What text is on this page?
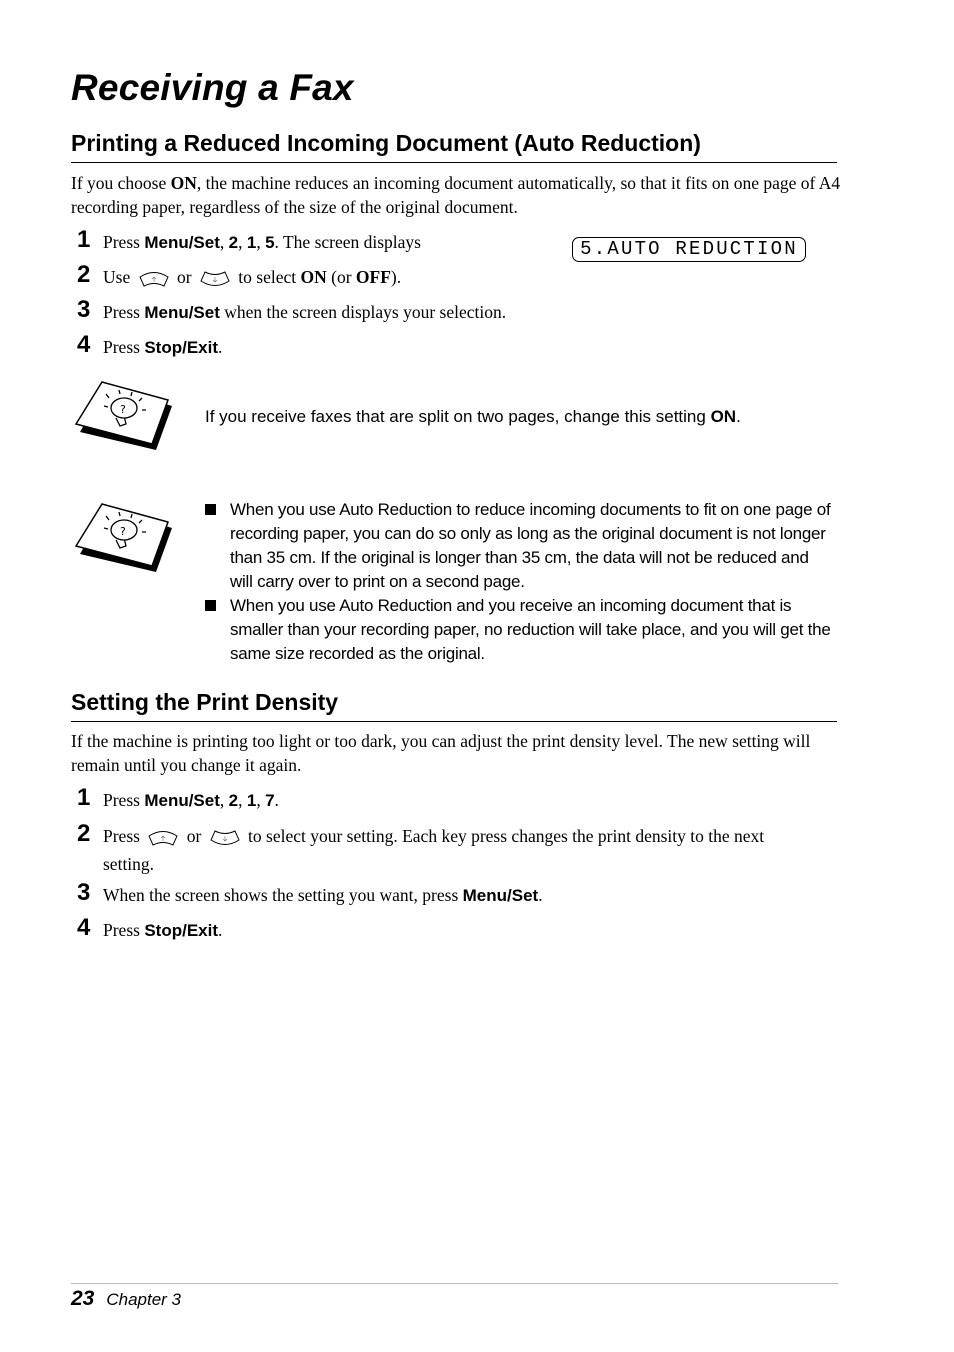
Receiving a Fax
Printing a Reduced Incoming Document (Auto Reduction)

If you choose ON, the machine reduces an incoming document automatically, so that it fits on one page of A4 recording paper, regardless of the size of the original document.

1 Press Menu/Set, 2, 1, 5. The screen displays	5.AUTO REDUCTION
2 Use  or  to select ON (or OFF).
3 Press Menu/Set when the screen displays your selection.
4 Press Stop/Exit.
?	If you receive faxes that are split on two pages, change this setting ON.
?
When you use Auto Reduction to reduce incoming documents to fit on one page of recording paper, you can do so only as long as the original document is not longer than 35 cm. If the original is longer than 35 cm, the data will not be reduced and will carry over to print on a second page.
When you use Auto Reduction and you receive an incoming document that is smaller than your recording paper, no reduction will take place, and you will get the same size recorded as the original.
Setting the Print Density

If the machine is printing too light or too dark, you can adjust the print density level. The new setting will remain until you change it again.

1 Press Menu/Set, 2, 1, 7.
2 Press  or  to select your setting. Each key press changes the print density to the next
setting.
3 When the screen shows the setting you want, press Menu/Set.
4 Press Stop/Exit.
23 Chapter 3
